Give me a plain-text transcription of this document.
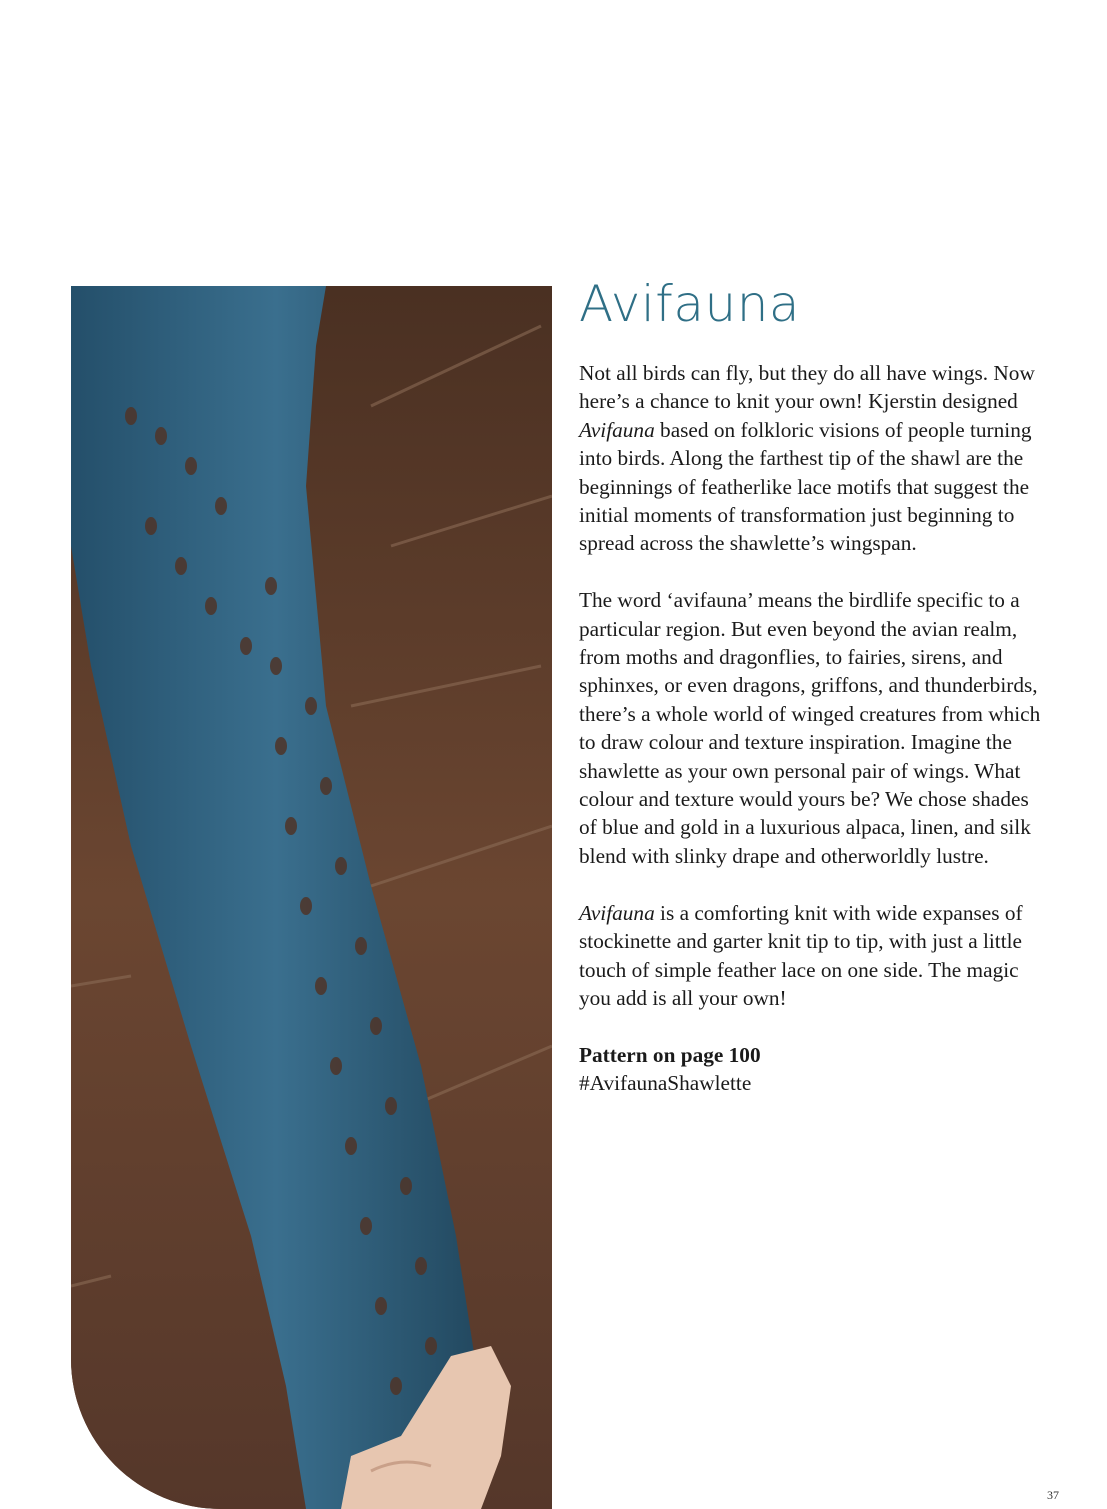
Avifauna

Not all birds can fly, but they do all have wings. Now here’s a chance to knit your own! Kjerstin designed Avifauna based on folkloric visions of people turning into birds. Along the farthest tip of the shawl are the beginnings of featherlike lace motifs that suggest the initial moments of transformation just beginning to spread across the shawlette’s wingspan.

The word ‘avifauna’ means the birdlife specific to a particular region. But even beyond the avian realm, from moths and dragonflies, to fairies, sirens, and sphinxes, or even dragons, griffons, and thunderbirds, there’s a whole world of winged creatures from which to draw colour and texture inspiration. Imagine the shawlette as your own personal pair of wings. What colour and texture would yours be? We chose shades of blue and gold in a luxurious alpaca, linen, and silk blend with slinky drape and otherworldly lustre.

Avifauna is a comforting knit with wide expanses of stockinette and garter knit tip to tip, with just a little touch of simple feather lace on one side. The magic you add is all your own!

Pattern on page 100
#AvifaunaShawlette
37
